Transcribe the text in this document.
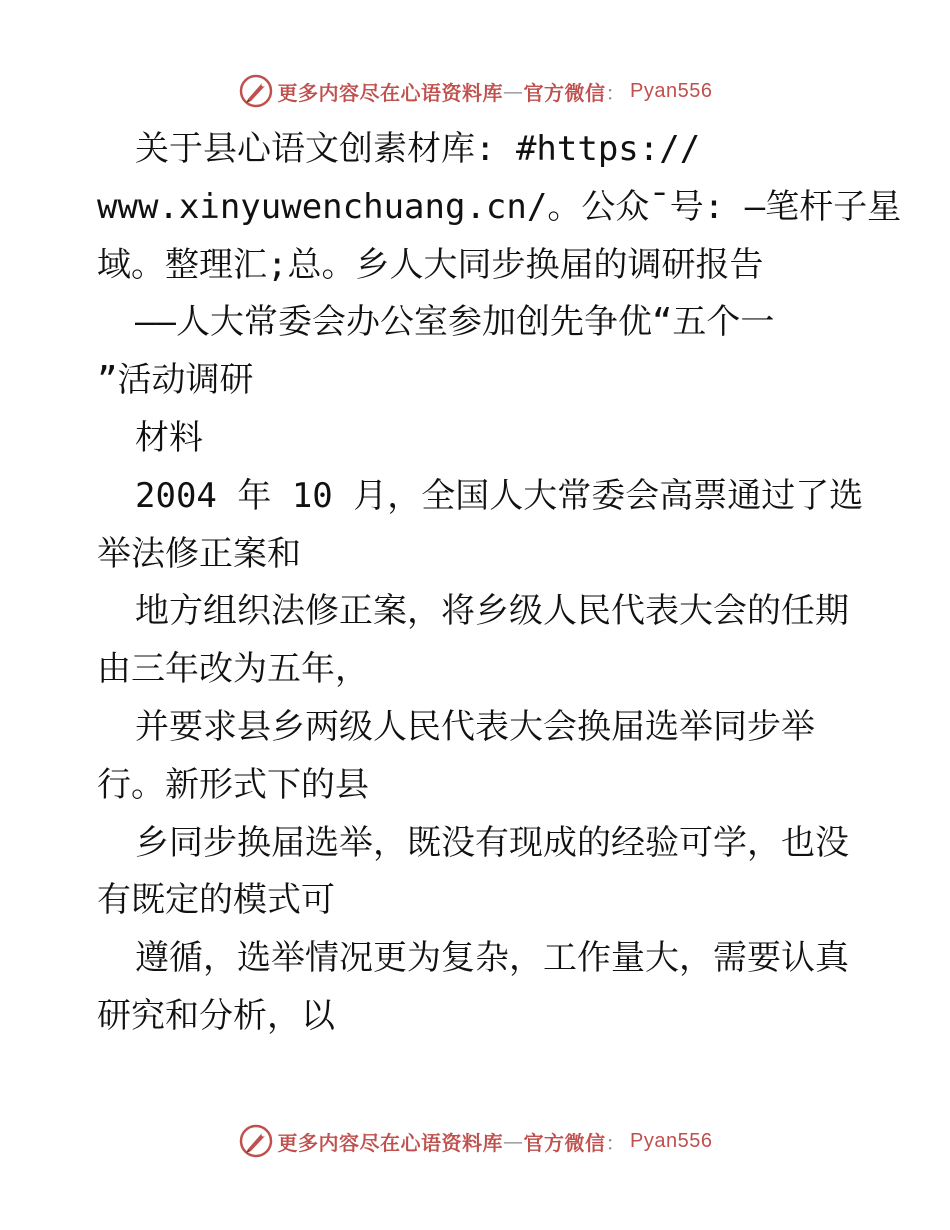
更多内容尽在心语资料库 — 官方微信 ： Pyan556
关于县心语文创素材库: #https://
www.xinyuwenchuang.cn/。公众¯号: —笔杆子星
域。整理汇;总。乡人大同步换届的调研报告
——人大常委会办公室参加创先争优“五个一
”活动调研
材料
2004 年 10 月，全国人大常委会高票通过了选
举法修正案和
地方组织法修正案，将乡级人民代表大会的任期
由三年改为五年，
并要求县乡两级人民代表大会换届选举同步举
行。新形式下的县
乡同步换届选举，既没有现成的经验可学，也没
有既定的模式可
遵循，选举情况更为复杂，工作量大，需要认真
研究和分析，以
更多内容尽在心语资料库 — 官方微信 ： Pyan556
